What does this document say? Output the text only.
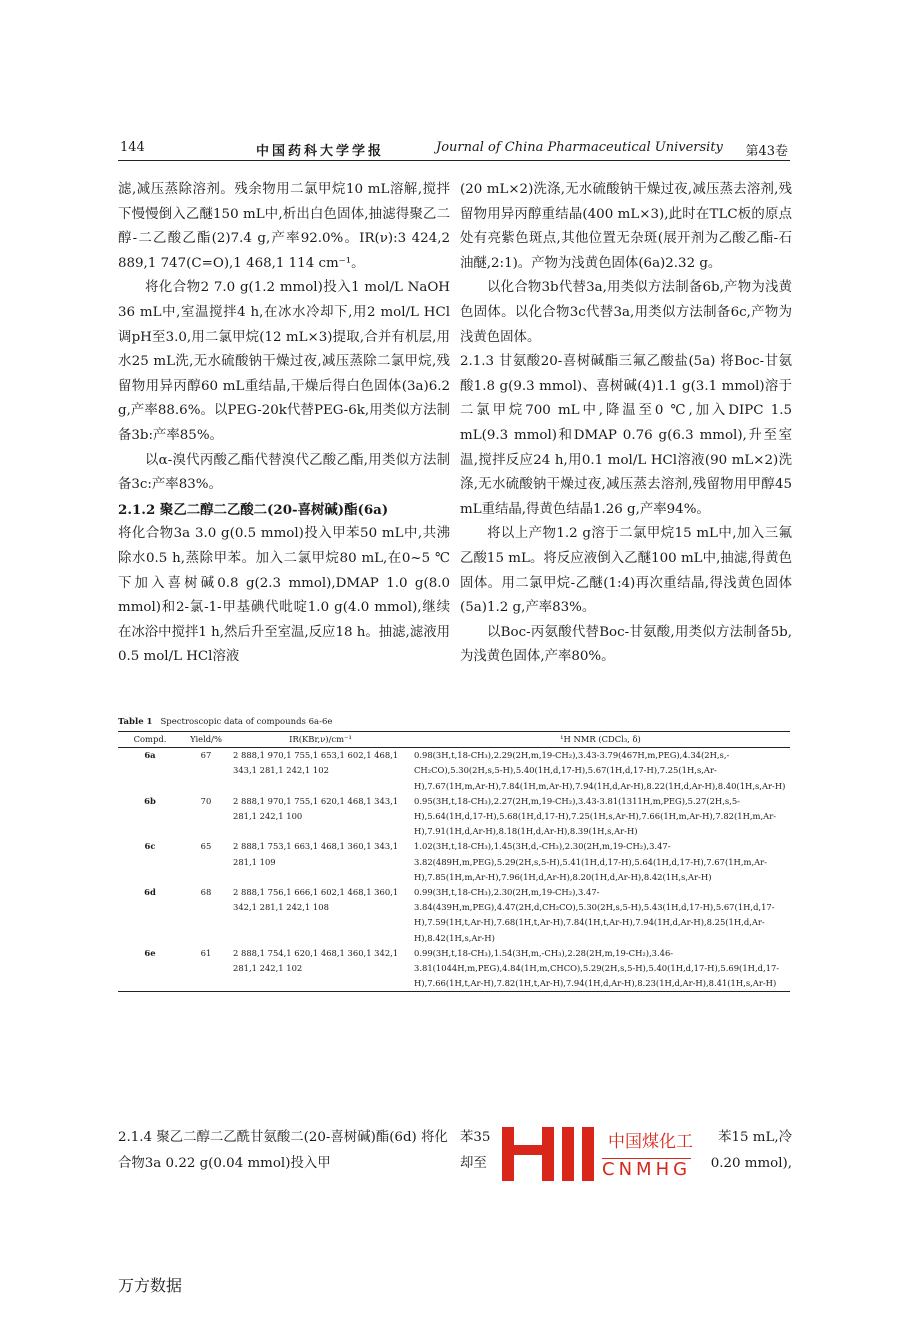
144	中国药科大学学报	Journal of China Pharmaceutical University 第43卷

滤,减压蒸除溶剂。残余物用二氯甲烷10 mL溶解,搅拌下慢慢倒入乙醚150 mL中,析出白色固体,抽滤得聚乙二醇-二乙酸乙酯(2)7.4 g,产率92.0%。IR(ν):3 424,2 889,1 747(C=O),1 468,1 114 cm⁻¹。

将化合物2 7.0 g(1.2 mmol)投入1 mol/L NaOH 36 mL中,室温搅拌4 h,在冰水冷却下,用2 mol/L HCl调pH至3.0,用二氯甲烷(12 mL×3)提取,合并有机层,用水25 mL洗,无水硫酸钠干燥过夜,减压蒸除二氯甲烷,残留物用异丙醇60 mL重结晶,干燥后得白色固体(3a)6.2 g,产率88.6%。以PEG-20k代替PEG-6k,用类似方法制备3b:产率85%。

以α-溴代丙酸乙酯代替溴代乙酸乙酯,用类似方法制备3c:产率83%。

2.1.2 聚乙二醇二乙酸二(20-喜树碱)酯(6a)

将化合物3a 3.0 g(0.5 mmol)投入甲苯50 mL中,共沸除水0.5 h,蒸除甲苯。加入二氯甲烷80 mL,在0~5 ℃下加入喜树碱0.8 g(2.3 mmol),DMAP 1.0 g(8.0 mmol)和2-氯-1-甲基碘代吡啶1.0 g(4.0 mmol),继续在冰浴中搅拌1 h,然后升至室温,反应18 h。抽滤,滤液用0.5 mol/L HCl溶液

(20 mL×2)洗涤,无水硫酸钠干燥过夜,减压蒸去溶剂,残留物用异丙醇重结晶(400 mL×3),此时在TLC板的原点处有亮紫色斑点,其他位置无杂斑(展开剂为乙酸乙酯-石油醚,2:1)。产物为浅黄色固体(6a)2.32 g。

以化合物3b代替3a,用类似方法制备6b,产物为浅黄色固体。以化合物3c代替3a,用类似方法制备6c,产物为浅黄色固体。

2.1.3 甘氨酸20-喜树碱酯三氟乙酸盐(5a) 将Boc-甘氨酸1.8 g(9.3 mmol)、喜树碱(4)1.1 g(3.1 mmol)溶于二氯甲烷700 mL中,降温至0 ℃,加入DIPC 1.5 mL(9.3 mmol)和DMAP 0.76 g(6.3 mmol),升至室温,搅拌反应24 h,用0.1 mol/L HCl溶液(90 mL×2)洗涤,无水硫酸钠干燥过夜,减压蒸去溶剂,残留物用甲醇45 mL重结晶,得黄色结晶1.26 g,产率94%。

将以上产物1.2 g溶于二氯甲烷15 mL中,加入三氟乙酸15 mL。将反应液倒入乙醚100 mL中,抽滤,得黄色固体。用二氯甲烷-乙醚(1:4)再次重结晶,得浅黄色固体(5a)1.2 g,产率83%。

以Boc-丙氨酸代替Boc-甘氨酸,用类似方法制备5b,为浅黄色固体,产率80%。

Table 1 Spectroscopic data of compounds 6a-6e
Compd.	Yield/%	IR(KBr,ν)/cm⁻¹	¹H NMR (CDCl₃, δ)
6a	67	2 888,1 970,1 755,1 653,1 602,1 468,1 343,1 281,1 242,1 102	0.98(3H,t,18-CH₃),2.29(2H,m,19-CH₂),3.43-3.79(467H,m,PEG),4.34(2H,s,-CH₂CO),5.30(2H,s,5-H),5.40(1H,d,17-H),5.67(1H,d,17-H),7.25(1H,s,Ar-H),7.67(1H,m,Ar-H),7.84(1H,m,Ar-H),7.94(1H,d,Ar-H),8.22(1H,d,Ar-H),8.40(1H,s,Ar-H)
6b	70	2 888,1 970,1 755,1 620,1 468,1 343,1 281,1 242,1 100	0.95(3H,t,18-CH₃),2.27(2H,m,19-CH₂),3.43-3.81(1311H,m,PEG),5.27(2H,s,5-H),5.64(1H,d,17-H),5.68(1H,d,17-H),7.25(1H,s,Ar-H),7.66(1H,m,Ar-H),7.82(1H,m,Ar-H),7.91(1H,d,Ar-H),8.18(1H,d,Ar-H),8.39(1H,s,Ar-H)
6c	65	2 888,1 753,1 663,1 468,1 360,1 343,1 281,1 109	1.02(3H,t,18-CH₃),1.45(3H,d,-CH₃),2.30(2H,m,19-CH₂),3.47-3.82(489H,m,PEG),5.29(2H,s,5-H),5.41(1H,d,17-H),5.64(1H,d,17-H),7.67(1H,m,Ar-H),7.85(1H,m,Ar-H),7.96(1H,d,Ar-H),8.20(1H,d,Ar-H),8.42(1H,s,Ar-H)
6d	68	2 888,1 756,1 666,1 602,1 468,1 360,1 342,1 281,1 242,1 108	0.99(3H,t,18-CH₃),2.30(2H,m,19-CH₂),3.47-3.84(439H,m,PEG),4.47(2H,d,CH₂CO),5.30(2H,s,5-H),5.43(1H,d,17-H),5.67(1H,d,17-H),7.59(1H,t,Ar-H),7.68(1H,t,Ar-H),7.84(1H,t,Ar-H),7.94(1H,d,Ar-H),8.25(1H,d,Ar-H),8.42(1H,s,Ar-H)
6e	61	2 888,1 754,1 620,1 468,1 360,1 342,1 281,1 242,1 102	0.99(3H,t,18-CH₃),1.54(3H,m,-CH₃),2.28(2H,m,19-CH₂),3.46-3.81(1044H,m,PEG),4.84(1H,m,CHCO),5.29(2H,s,5-H),5.40(1H,d,17-H),5.69(1H,d,17-H),7.66(1H,t,Ar-H),7.82(1H,t,Ar-H),7.94(1H,d,Ar-H),8.23(1H,d,Ar-H),8.41(1H,s,Ar-H)
2.1.4 聚乙二醇二乙酰甘氨酸二(20-喜树碱)酯(6d) 将化合物3a 0.22 g(0.04 mmol)投入甲
苯35	苯15 mL,冷
却至	0.20 mmol),
中国煤化工
CNMHG
万方数据
